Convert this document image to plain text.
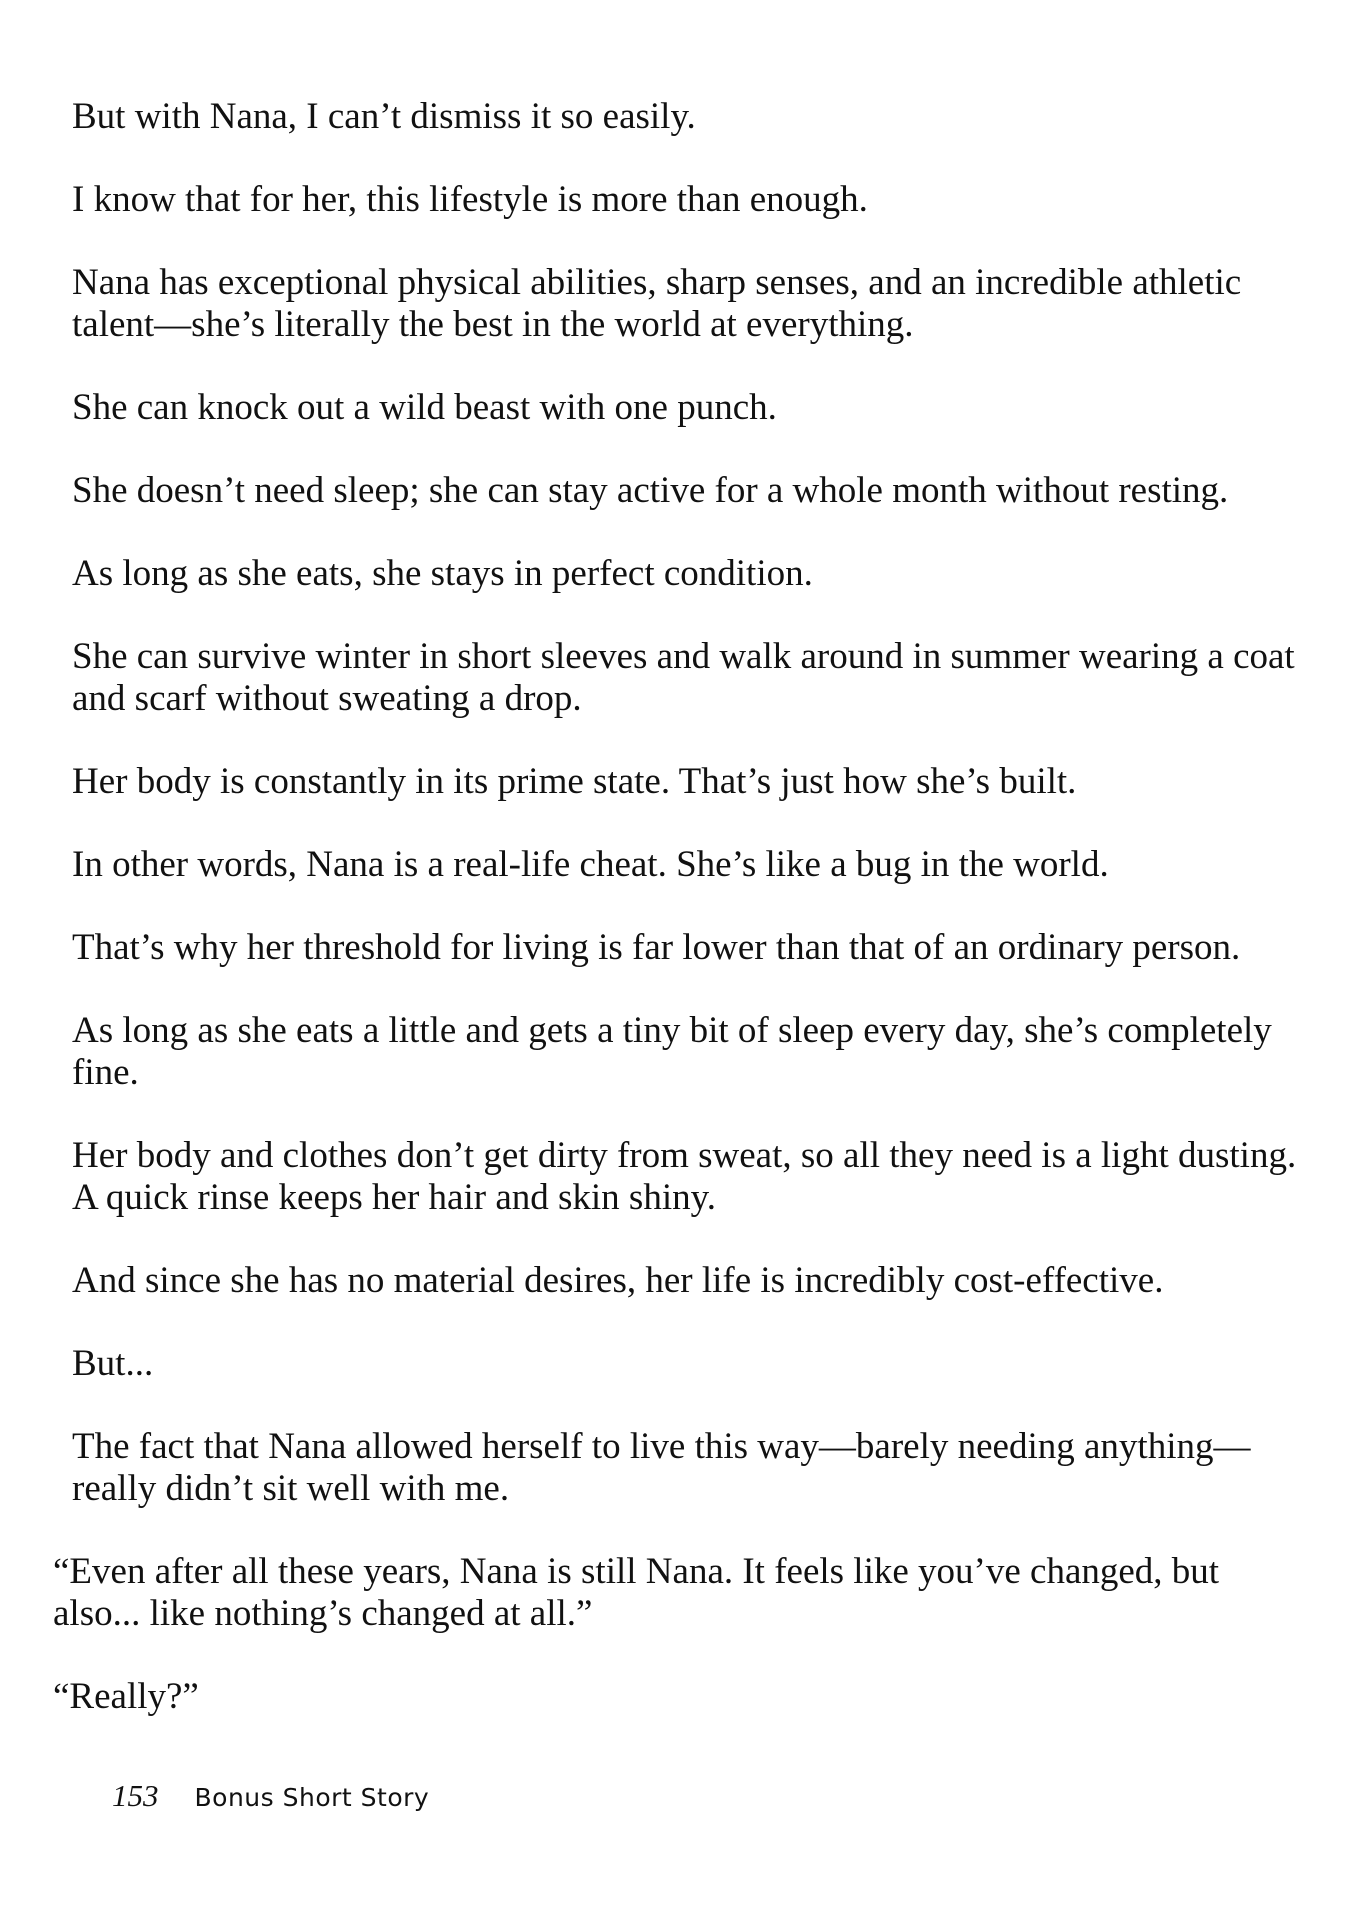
But with Nana, I can’t dismiss it so easily.

I know that for her, this lifestyle is more than enough.

Nana has exceptional physical abilities, sharp senses, and an incredible athletic talent—she’s literally the best in the world at everything.

She can knock out a wild beast with one punch.

She doesn’t need sleep; she can stay active for a whole month without resting.

As long as she eats, she stays in perfect condition.

She can survive winter in short sleeves and walk around in summer wearing a coat and scarf without sweating a drop.

Her body is constantly in its prime state. That’s just how she’s built.

In other words, Nana is a real-life cheat. She’s like a bug in the world.

That’s why her threshold for living is far lower than that of an ordinary person.

As long as she eats a little and gets a tiny bit of sleep every day, she’s completely fine.

Her body and clothes don’t get dirty from sweat, so all they need is a light dusting. A quick rinse keeps her hair and skin shiny.

And since she has no material desires, her life is incredibly cost-effective.

But...

The fact that Nana allowed herself to live this way—barely needing anything—really didn’t sit well with me.

“Even after all these years, Nana is still Nana. It feels like you’ve changed, but also... like nothing’s changed at all.”

“Really?”

153 Bonus Short Story
